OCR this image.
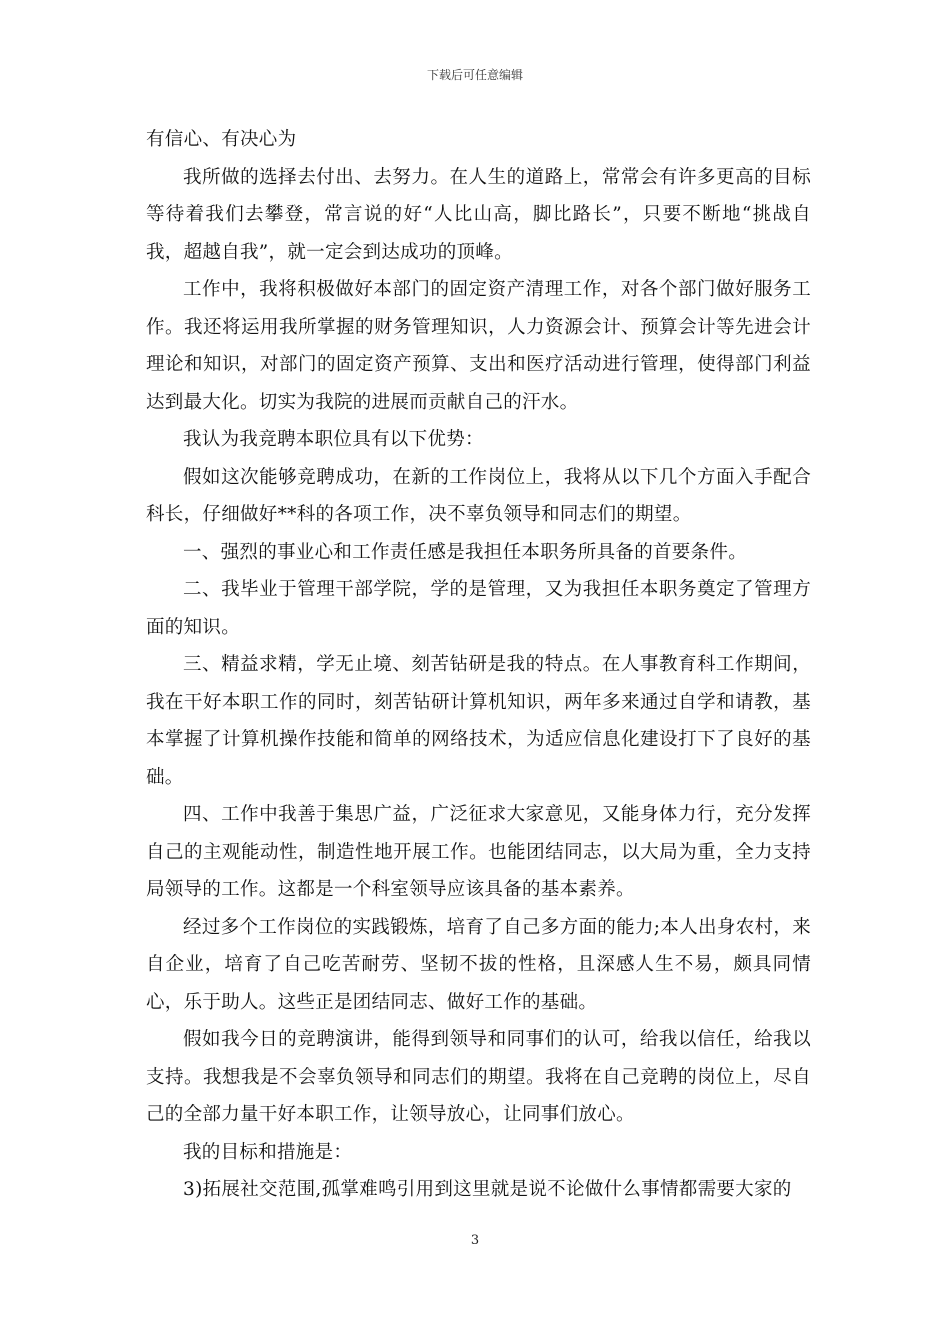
下载后可任意编辑

有信心、有决心为

我所做的选择去付出、去努力。在人生的道路上，常常会有许多更高的目标等待着我们去攀登，常言说的好“人比山高，脚比路长”，只要不断地“挑战自我，超越自我”，就一定会到达成功的顶峰。

工作中，我将积极做好本部门的固定资产清理工作，对各个部门做好服务工作。我还将运用我所掌握的财务管理知识，人力资源会计、预算会计等先进会计理论和知识，对部门的固定资产预算、支出和医疗活动进行管理，使得部门利益达到最大化。切实为我院的进展而贡献自己的汗水。

我认为我竞聘本职位具有以下优势：

假如这次能够竞聘成功，在新的工作岗位上，我将从以下几个方面入手配合科长，仔细做好**科的各项工作，决不辜负领导和同志们的期望。

一、强烈的事业心和工作责任感是我担任本职务所具备的首要条件。

二、我毕业于管理干部学院，学的是管理，又为我担任本职务奠定了管理方面的知识。

三、精益求精，学无止境、刻苦钻研是我的特点。在人事教育科工作期间，我在干好本职工作的同时，刻苦钻研计算机知识，两年多来通过自学和请教，基本掌握了计算机操作技能和简单的网络技术，为适应信息化建设打下了良好的基础。

四、工作中我善于集思广益，广泛征求大家意见，又能身体力行，充分发挥自己的主观能动性，制造性地开展工作。也能团结同志，以大局为重，全力支持局领导的工作。这都是一个科室领导应该具备的基本素养。

经过多个工作岗位的实践锻炼，培育了自己多方面的能力;本人出身农村，来自企业，培育了自己吃苦耐劳、坚韧不拔的性格，且深感人生不易，颇具同情心，乐于助人。这些正是团结同志、做好工作的基础。

假如我今日的竞聘演讲，能得到领导和同事们的认可，给我以信任，给我以支持。我想我是不会辜负领导和同志们的期望。我将在自己竞聘的岗位上，尽自己的全部力量干好本职工作，让领导放心，让同事们放心。

我的目标和措施是：

3)拓展社交范围,孤掌难鸣引用到这里就是说不论做什么事情都需要大家的

3
